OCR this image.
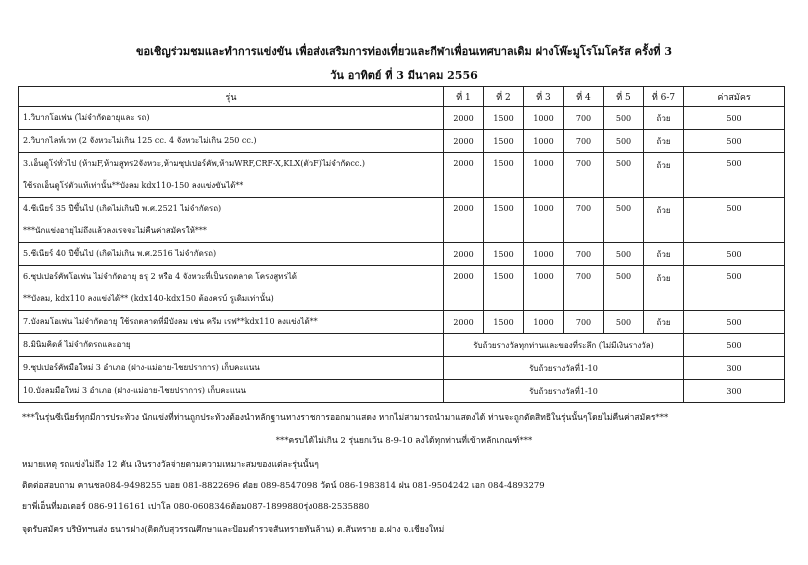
ขอเชิญร่วมชมและทำการแข่งขัน เพื่อส่งเสริมการท่องเที่ยวและกีฬาเพื่อนเทศบาลเดิม ฝางโพ๊ะมูโรโมโคร้ส ครั้งที่ 3
วัน อาทิตย์ ที่ 3 มีนาคม 2556
รุ่น	ที่ 1	ที่ 2	ที่ 3	ที่ 4	ที่ 5	ที่ 6-7	ค่าสมัคร

1.วิบากโอเพ่น (ไม่จำกัดอายุและ รถ)	2000	1500	1000	700	500	ถ้วย	500

2.วิบากไลท์เวท (2 จังหวะไม่เกิน 125 cc. 4 จังหวะไม่เกิน 250 cc.)	2000	1500	1000	700	500	ถ้วย	500

3.เอ็นดูโร่ทั่วไป (ห้ามF,ห้ามสูทร2จังหวะ,ห้ามซุปเปอร์คัพ,ห้ามWRF,CRF-X,KLX(ตัวF)ไม่จำกัดcc.)
ใช้รถเอ็นดูโร่ตัวแท้เท่านั้น**บังลม kdx110-150 ลงแข่งขันได้**	2000	1500	1000	700	500	ถ้วย	500

4.ซีเนียร์ 35 ปีขึ้นไป (เกิดไม่เกินปี พ.ศ.2521 ไม่จำกัดรถ)
***นักแข่งอายุไม่ถึงแล้วลงเรจจะไม่คืนค่าสมัครให้***	2000	1500	1000	700	500	ถ้วย	500

5.ซีเนียร์ 40 ปีขึ้นไป (เกิดไม่เกิน พ.ศ.2516 ไม่จำกัดรถ)	2000	1500	1000	700	500	ถ้วย	500

6.ซุปเปอร์คัพโอเพ่น ไม่จำกัดอายุ ธรุ 2 หรือ 4 จังหวะที่เป็นรถตลาด โครงสูทรได้
**บังลม, kdx110 ลงแข่งได้** (kdx140-kdx150 ต้องครบ์ รูเดิมเท่านั้น)	2000	1500	1000	700	500	ถ้วย	500

7.บังลมโอเพ่น ไม่จำกัดอายุ ใช้รถตลาดที่มีบังลม เช่น ครีม เรฟ**kdx110 ลงแข่งได้**	2000	1500	1000	700	500	ถ้วย	500

8.มินิมคิดส์ ไม่จำกัดรถและอายุ	รับถ้วยรางวัลทุกท่านและของที่ระลึก (ไม่มีเงินรางวัล)						500

9.ซุปเปอร์คัพมือใหม่ 3 อำเภอ (ฝาง-แม่อาย-ไชยปราการ) เก็บคะแนน	รับถ้วยรางวัลที่1-10						300

10.บังลมมือใหม่ 3 อำเภอ (ฝาง-แม่อาย-ไชยปราการ) เก็บคะแนน	รับถ้วยรางวัลที่1-10						300
***ในรุ่นซีเนียร์ทุกมีการประท้วง นักแข่งที่ท่านถูกประท้วงต้องนำหลักฐานทางราชการออกมาแสดง หากไม่สามารถนำมาแสดงได้ ท่านจะถูกตัดสิทธิในรุ่นนั้นๆโดยไม่คืนค่าสมัคร***
***ครบได้ไม่เกิน 2 รุ่นยกเว้น 8-9-10 ลงได้ทุกท่านที่เข้าหลักเกณฑ์***
หมายเหตุ รถแข่งไม่ถึง 12 คัน เงินรางวัลจ่ายตามความเหมาะสมของแต่ละรุ่นนั้นๆ
ติดต่อสอบถาม คานชล084-9498255 บอย 081-8822696 ต๋อย 089-8547098 วัตน์ 086-1983814 ฝน 081-9504242 เอก 084-4893279
ยาพี่เอ็นที่มอเตอร์ 086-9116161 เปาโล 080-0608346ต้อม087-1899880รุ่ง088-2535880
จุดรับสมัคร บริษัทฯนส่ง ธนารฝาง(ติดกับสุวรรณศึกษาและป้อมตำรวจสันทรายทันล้าน) ต.สันทราย อ.ฝาง จ.เชียงใหม่
